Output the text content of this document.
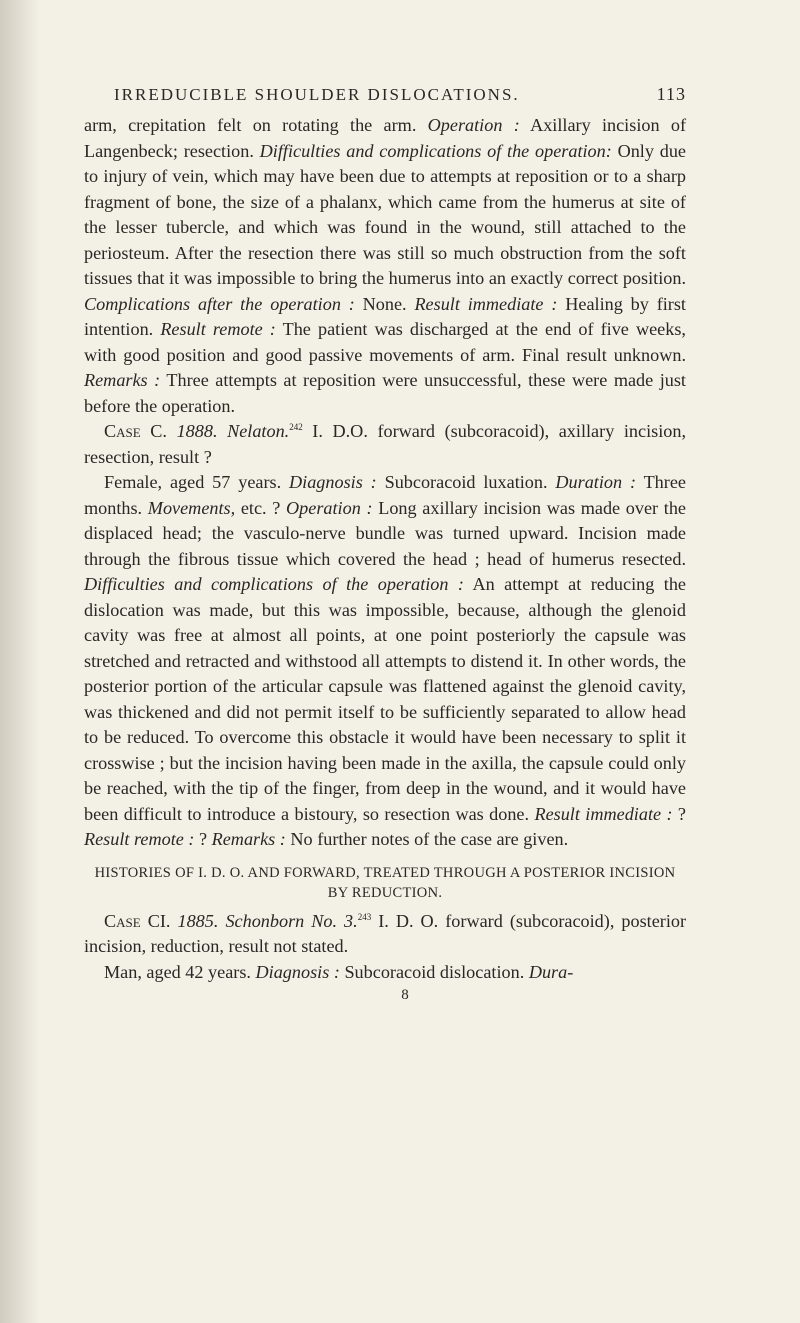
IRREDUCIBLE SHOULDER DISLOCATIONS.	113

arm, crepitation felt on rotating the arm. Operation : Axillary incision of Langenbeck; resection. Difficulties and complications of the operation: Only due to injury of vein, which may have been due to attempts at reposition or to a sharp fragment of bone, the size of a phalanx, which came from the humerus at site of the lesser tubercle, and which was found in the wound, still attached to the periosteum. After the resection there was still so much obstruction from the soft tissues that it was impossible to bring the humerus into an exactly correct position. Complications after the operation : None. Result immediate : Healing by first intention. Result remote : The patient was discharged at the end of five weeks, with good position and good passive movements of arm. Final result unknown. Remarks : Three attempts at reposition were unsuccessful, these were made just before the operation.

Case C. 1888. Nelaton.$^{242}$ I. D.O. forward (subcoracoid), axillary incision, resection, result ?

Female, aged 57 years. Diagnosis : Subcoracoid luxation. Duration : Three months. Movements, etc. ? Operation : Long axillary incision was made over the displaced head; the vasculo-nerve bundle was turned upward. Incision made through the fibrous tissue which covered the head ; head of humerus resected. Difficulties and complications of the operation : An attempt at reducing the dislocation was made, but this was impossible, because, although the glenoid cavity was free at almost all points, at one point posteriorly the capsule was stretched and retracted and withstood all attempts to distend it. In other words, the posterior portion of the articular capsule was flattened against the glenoid cavity, was thickened and did not permit itself to be sufficiently separated to allow head to be reduced. To overcome this obstacle it would have been necessary to split it crosswise ; but the incision having been made in the axilla, the capsule could only be reached, with the tip of the finger, from deep in the wound, and it would have been difficult to introduce a bistoury, so resection was done. Result immediate : ? Result remote : ? Remarks : No further notes of the case are given.

HISTORIES OF I. D. O. AND FORWARD, TREATED THROUGH A POSTERIOR INCISION BY REDUCTION.

Case CI. 1885. Schonborn No. 3.$^{243}$ I. D. O. forward (subcoracoid), posterior incision, reduction, result not stated.

Man, aged 42 years. Diagnosis : Subcoracoid dislocation. Dura-

8
